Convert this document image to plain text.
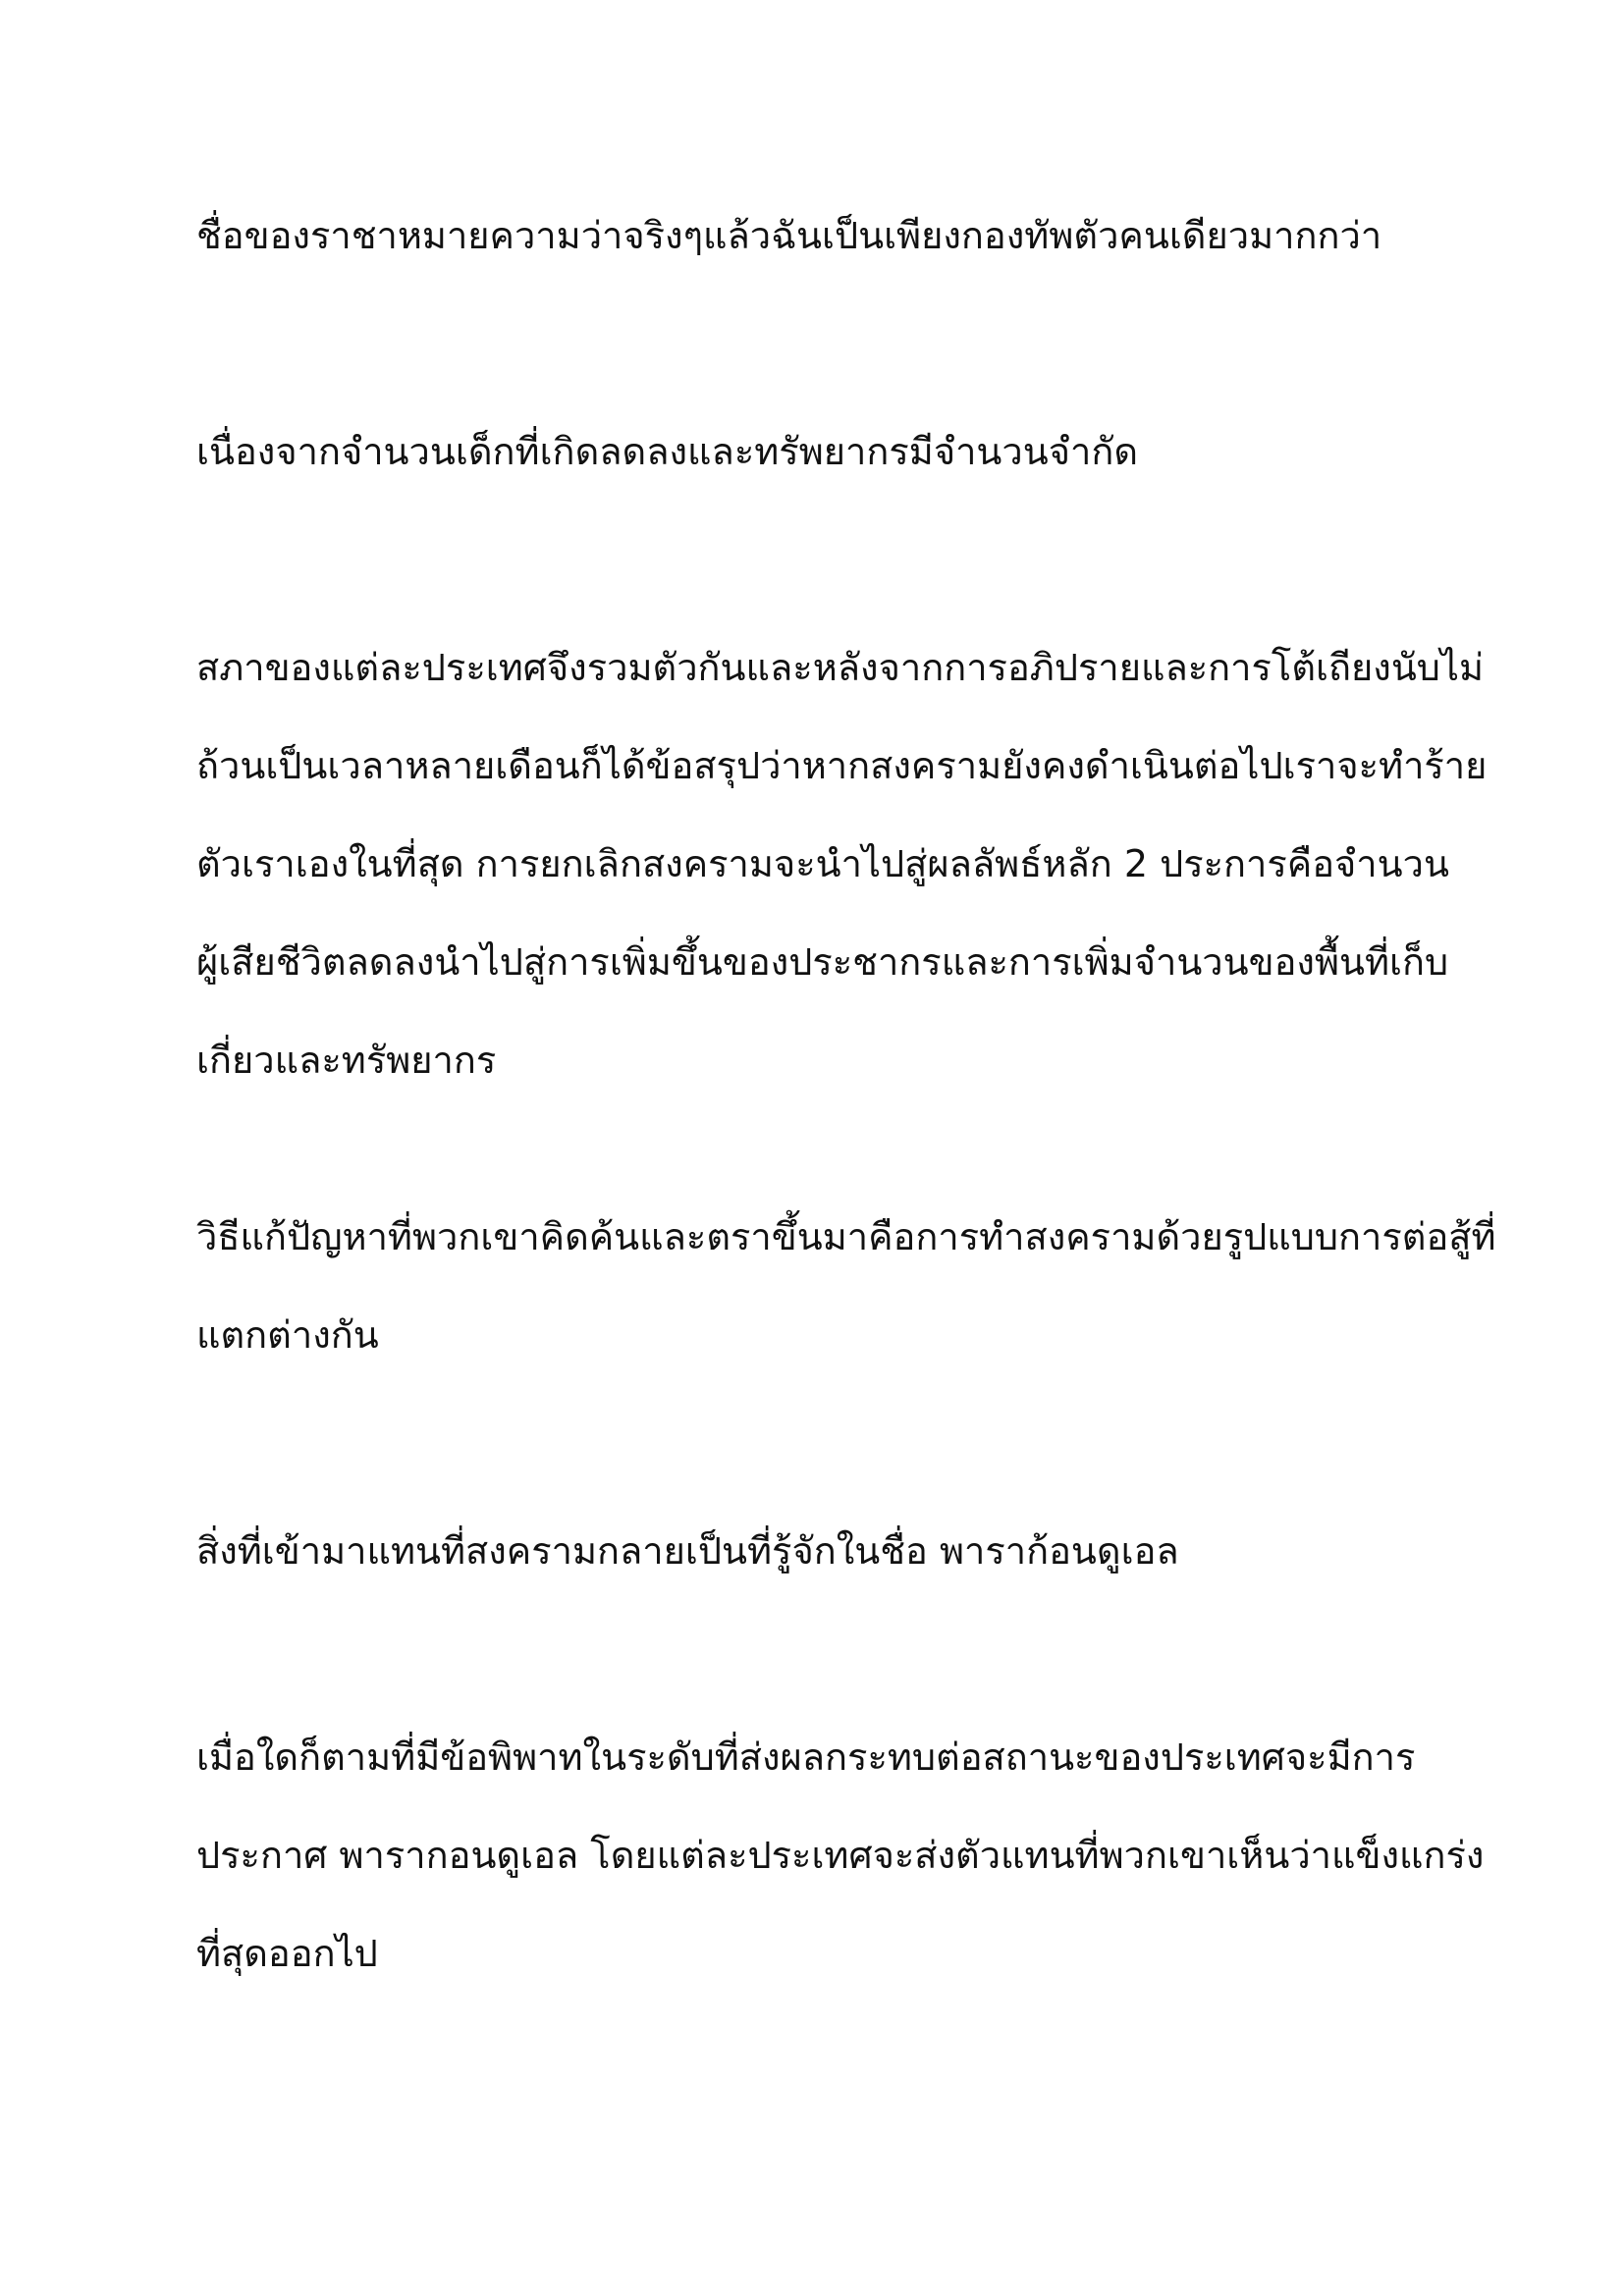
ชื่อของราชาหมายความว่าจริงๆแล้วฉันเป็นเพียงกองทัพตัวคนเดียวมากกว่า

เนื่องจากจำนวนเด็กที่เกิดลดลงและทรัพยากรมีจำนวนจำกัด

สภาของแต่ละประเทศจึงรวมตัวกันและหลังจากการอภิปรายและการโต้เถียงนับไม่
ถ้วนเป็นเวลาหลายเดือนก็ได้ข้อสรุปว่าหากสงครามยังคงดำเนินต่อไปเราจะทำร้าย
ตัวเราเองในที่สุด การยกเลิกสงครามจะนำไปสู่ผลลัพธ์หลัก 2 ประการคือจำนวน
ผู้เสียชีวิตลดลงนำไปสู่การเพิ่มขึ้นของประชากรและการเพิ่มจำนวนของพื้นที่เก็บ
เกี่ยวและทรัพยากร

วิธีแก้ปัญหาที่พวกเขาคิดค้นและตราขึ้นมาคือการทำสงครามด้วยรูปแบบการต่อสู้ที่
แตกต่างกัน

สิ่งที่เข้ามาแทนที่สงครามกลายเป็นที่รู้จักในชื่อ พาราก้อนดูเอล

เมื่อใดก็ตามที่มีข้อพิพาทในระดับที่ส่งผลกระทบต่อสถานะของประเทศจะมีการ
ประกาศ พารากอนดูเอล โดยแต่ละประเทศจะส่งตัวแทนที่พวกเขาเห็นว่าแข็งแกร่ง
ที่สุดออกไป
